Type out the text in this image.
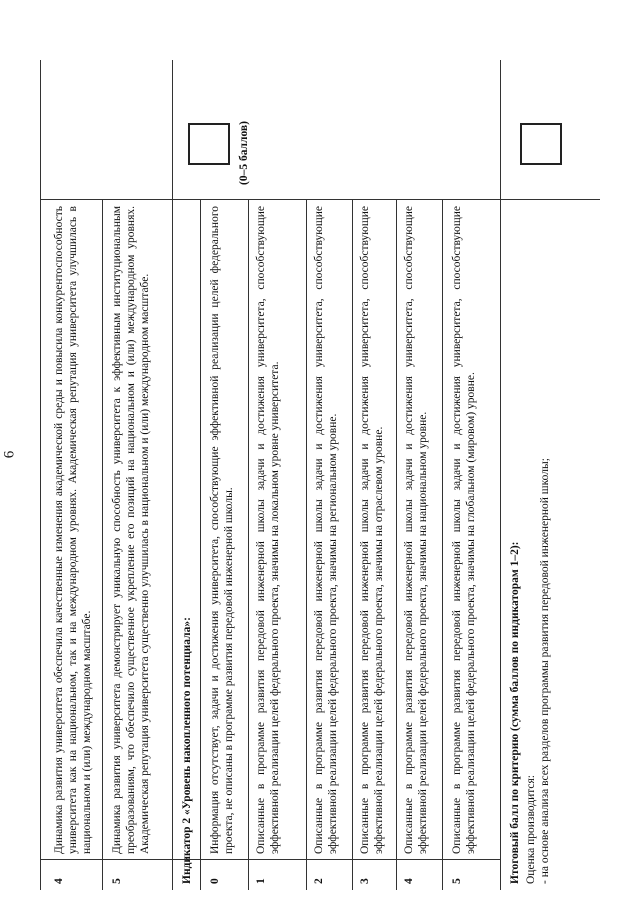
6
4
Динамика развития университета обеспечила качественные изменения академической среды и повысила конкурентоспособность университета как на национальном, так и на международном уровнях. Академическая репутация университета улучшилась в национальном и (или) международном масштабе.
5
Динамика развития университета демонстрирует уникальную способность университета к эффективным институциональным преобразованиям, что обеспечило существенное укрепление его позиций на национальном и (или) международном уровнях. Академическая репутация университета существенно улучшилась в национальном и (или) международном масштабе.	Индикатор 2 «Уровень накопленного потенциала»:
(0–5 баллов)
0
Информация отсутствует, задачи и достижения университета, способствующие эффективной реализации целей федерального проекта, не описаны в программе развития передовой инженерной школы.
1
Описанные в программе развития передовой инженерной школы задачи и достижения университета, способствующие эффективной реализации целей федерального проекта, значимы на локальном уровне университета.
2
Описанные в программе развития передовой инженерной школы задачи и достижения университета, способствующие эффективной реализации целей федерального проекта, значимы на региональном уровне.
3
Описанные в программе развития передовой инженерной школы задачи и достижения университета, способствующие эффективной реализации целей федерального проекта, значимы на отраслевом уровне.
4
Описанные в программе развития передовой инженерной школы задачи и достижения университета, способствующие эффективной реализации целей федерального проекта, значимы на национальном уровне.
5
Описанные в программе развития передовой инженерной школы задачи и достижения университета, способствующие эффективной реализации целей федерального проекта, значимы на глобальном (мировом) уровне.	Итоговый балл по критерию (сумма баллов по индикаторам 1–2): Оценка производится: - на основе анализа всех разделов программы развития передовой инженерной школы;
